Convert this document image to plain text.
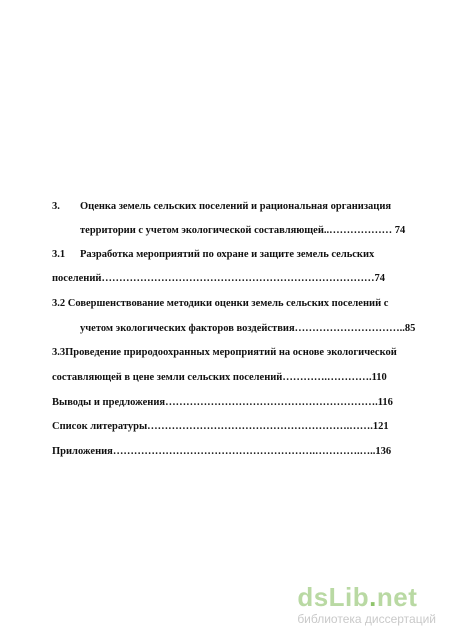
3. Оценка земель сельских поселений и рациональная организация
территории с учетом экологической составляющей..……………… 74
3.1 Разработка мероприятий по охране и защите земель сельских
поселений……………………………………………………………………74
3.2 Совершенствование методики оценки земель сельских поселений с
учетом экологических факторов воздействия…………………………..85
3.3Проведение природоохранных мероприятий на основе экологической
составляющей в цене земли сельских поселений………….………….110
Выводы и предложения…………………………………………………….116
Список литературы………………………………………………….…….121
Приложения………………………………………………….………….…..136
dsLib.net
библиотека диссертаций
